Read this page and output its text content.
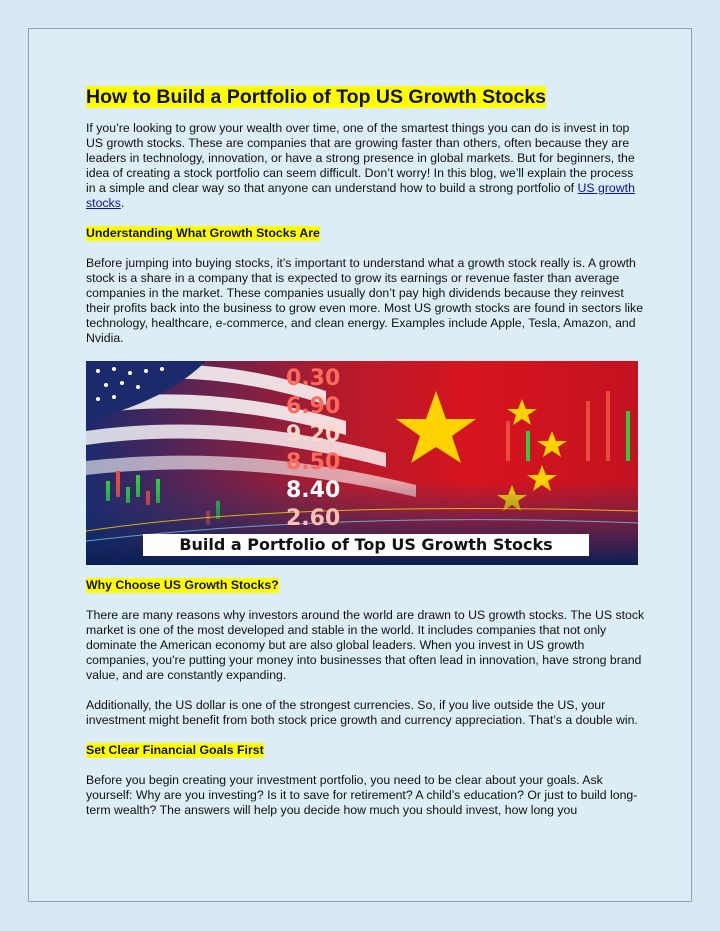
How to Build a Portfolio of Top US Growth Stocks

If you’re looking to grow your wealth over time, one of the smartest things you can do is invest in top US growth stocks. These are companies that are growing faster than others, often because they are leaders in technology, innovation, or have a strong presence in global markets. But for beginners, the idea of creating a stock portfolio can seem difficult. Don’t worry! In this blog, we’ll explain the process in a simple and clear way so that anyone can understand how to build a strong portfolio of US growth stocks.

Understanding What Growth Stocks Are

Before jumping into buying stocks, it's important to understand what a growth stock really is. A growth stock is a share in a company that is expected to grow its earnings or revenue faster than average companies in the market. These companies usually don’t pay high dividends because they reinvest their profits back into the business to grow even more. Most US growth stocks are found in sectors like technology, healthcare, e-commerce, and clean energy. Examples include Apple, Tesla, Amazon, and Nvidia.

0.30
6.90
9.20
8.50
8.40
2.60
Build a Portfolio of Top US Growth Stocks
Why Choose US Growth Stocks?

There are many reasons why investors around the world are drawn to US growth stocks. The US stock market is one of the most developed and stable in the world. It includes companies that not only dominate the American economy but are also global leaders. When you invest in US growth companies, you're putting your money into businesses that often lead in innovation, have strong brand value, and are constantly expanding.

Additionally, the US dollar is one of the strongest currencies. So, if you live outside the US, your investment might benefit from both stock price growth and currency appreciation. That’s a double win.

Set Clear Financial Goals First

Before you begin creating your investment portfolio, you need to be clear about your goals. Ask yourself: Why are you investing? Is it to save for retirement? A child’s education? Or just to build long-term wealth? The answers will help you decide how much you should invest, how long you
